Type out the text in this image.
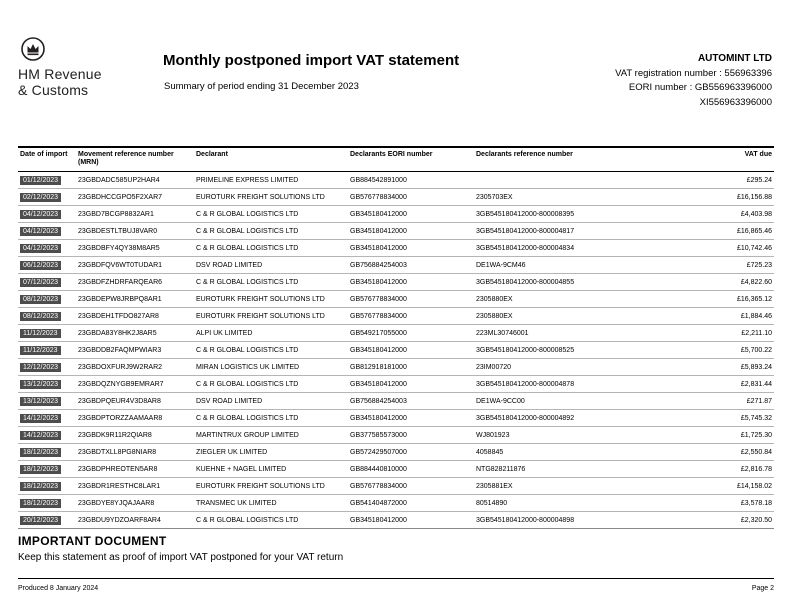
HM Revenue
& Customs
Monthly postponed import VAT statement
Summary of period ending 31 December 2023
AUTOMINT LTD
VAT registration number : 556963396
EORI number : GB556963396000
XI556963396000
Date of import	Movement reference number (MRN)	Declarant	Declarants EORI number	Declarants reference number	VAT due
01/12/2023	23GBDADC585UP2HAR4	PRIMELINE EXPRESS LIMITED	GB884542891000		£295.24
02/12/2023	23GBDHCCGPO5F2XAR7	EUROTURK FREIGHT SOLUTIONS LTD	GB576778834000	2305703EX	£16,156.88
04/12/2023	23GBD7BCGP8832AR1	C & R GLOBAL LOGISTICS LTD	GB345180412000	3GB545180412000-800008395	£4,403.98
04/12/2023	23GBDESTLTBUJ8VAR0	C & R GLOBAL LOGISTICS LTD	GB345180412000	3GB545180412000-800004817	£16,865.46
04/12/2023	23GBDBFY4QY38M8AR5	C & R GLOBAL LOGISTICS LTD	GB345180412000	3GB545180412000-800004834	£10,742.46
06/12/2023	23GBDFQV6WT0TUDAR1	DSV ROAD LIMITED	GB756884254003	DE1WA-9CM46	£725.23
07/12/2023	23GBDFZHDRFARQEAR6	C & R GLOBAL LOGISTICS LTD	GB345180412000	3GB545180412000-800004855	£4,822.60
08/12/2023	23GBDEPW8JRBPQ8AR1	EUROTURK FREIGHT SOLUTIONS LTD	GB576778834000	2305880EX	£16,365.12
08/12/2023	23GBDEH1TFDO827AR8	EUROTURK FREIGHT SOLUTIONS LTD	GB576778834000	2305880EX	£1,884.46
11/12/2023	23GBDA83Y8HK2J8AR5	ALPI UK LIMITED	GB549217055000	223ML30746001	£2,211.10
11/12/2023	23GBDDB2FAQMPWIAR3	C & R GLOBAL LOGISTICS LTD	GB345180412000	3GB545180412000-800008525	£5,700.22
12/12/2023	23GBDOXFURJ9W2RAR2	MIRAN LOGISTICS UK LIMITED	GB812918181000	23IM00720	£5,893.24
13/12/2023	23GBDQZNYGB9EMRAR7	C & R GLOBAL LOGISTICS LTD	GB345180412000	3GB545180412000-800004878	£2,831.44
13/12/2023	23GBDPQEUR4V3D8AR8	DSV ROAD LIMITED	GB756884254003	DE1WA-9CC00	£271.87
14/12/2023	23GBDPTORZZAAMAAR8	C & R GLOBAL LOGISTICS LTD	GB345180412000	3GB545180412000-800004892	£5,745.32
14/12/2023	23GBDK9R11R2QIAR8	MARTINTRUX GROUP LIMITED	GB377585573000	WJ801923	£1,725.30
18/12/2023	23GBDTXLL8PG8NIAR8	ZIEGLER UK LIMITED	GB572429507000	4058845	£2,550.84
18/12/2023	23GBDPHREOTEN5AR8	KUEHNE + NAGEL LIMITED	GB884440810000	NTG828211876	£2,816.78
18/12/2023	23GBDR1RESTHC8LAR1	EUROTURK FREIGHT SOLUTIONS LTD	GB576778834000	2305881EX	£14,158.02
18/12/2023	23GBDYE8YJQAJAAR8	TRANSMEC UK LIMITED	GB541404872000	80514890	£3,578.18
20/12/2023	23GBDU9YDZOARF8AR4	C & R GLOBAL LOGISTICS LTD	GB345180412000	3GB545180412000-800004898	£2,320.50
IMPORTANT DOCUMENT
Keep this statement as proof of import VAT postponed for your VAT return
Produced 8 January 2024	Page 2
